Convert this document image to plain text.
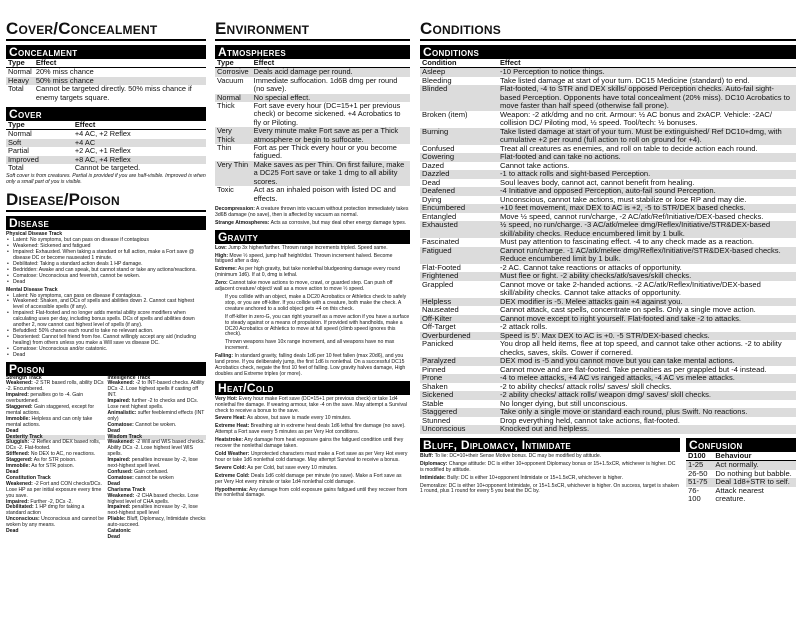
Cover/Concealment
Concealment
Type	Effect
Normal	20% miss chance
Heavy	50% miss chance
Total	Cannot be targeted directly. 50% miss chance if enemy targets square.
Cover
Type	Effect
Normal	+4 AC, +2 Reflex
Soft	+4 AC
Partial	+2 AC, +1 Reflex
Improved	+8 AC, +4 Reflex
Total	Cannot be targeted.
Soft cover is from creatures. Partial is provided if you are half-visible. Improved is when only a small part of you is visible.
Disease/Poison
Disease
Physical Disease Track
• Latent: No symptoms, but can pass on disease if contagious
• Weakened: Sickened and fatigued
• Impaired: Exhausted. When taking a standard or full action, make a Fort save @ disease DC or become nauseated 1 minute.
• Debilitated: Taking a standard action deals 1 HP damage.
• Bedridden: Awake and can speak, but cannot stand or take any actions/reactions.
• Comatose: Unconscious and feverish, cannot be woken.
• Dead
Mental Disease Track
• Latent: No symptoms, can pass on disease if contagious.
• Weakened: Shaken, and DCs of spells and abilities down 2. Cannot cast highest level of accessible spells (if any).
• Impaired: Flat-footed and no longer adds mental ability score modifiers when calculating uses per day, including bonus spells. DCs of spells and abilities down another 2, now cannot cast highest level of spells (if any).
• Befuddled: 50% chance each round to take no relevant action.
• Disoriented: Cannot tell friend from foe. Cannot willingly accept any aid (including healing) from others unless you make a Will save vs disease DC.
• Comatose: Unconscious and/or catatonic.
• Dead
Poison
Strength Track
Weakened: -2 STR based rolls, ability DCs -2. Encumbered.
Impaired: penalties go to -4. Gain overburdened.
Staggered: Gain staggered, except for mental actions.
Immobile: Helpless and can only take mental actions.
Dead
Dexterity Track
Sluggish: -2 Reflex and DEX based rolls, DCs -2. Flat-footed.
Stiffened: No DEX to AC, no reactions.
Staggered: As for STR poison.
Immobile: As for STR poison.
Dead
Constitution Track
Weakened: -2 Fort and CON checks/DCs. Lose HP as per initial exposure every time you save.
Impaired: Further -2, DCs -2.
Debilitated: 1 HP dmg for taking a standard action
Unconscious: Unconscious and cannot be woken by any means.
Dead
Intelligence Track
Weakened: -2 to INT-based checks. Ability DCs -2. Lose highest spells if casting off INT.
Impaired: further -2 to checks and DCs. Lose next highest spells.
Animalistic: suffer feeblemind effects (INT only)
Comatose: Cannot be woken.
Dead
Wisdom Track
Weakened: -2 Will and WIS based checks. Ability DCs -2. Lose highest level WIS spells.
Impaired: penalties increase by -2, lose next-highest spell level.
Confused: Gain confused.
Comatose: cannot be woken
Dead
Charisma Track
Weakened: -2 CHA based checks. Lose highest level of CHA spells.
Impaired: penalties increase by -2, lose next-highest spell level
Pliable: Bluff, Diplomacy, Intimidate checks auto-succeed.
Catatonic
Dead
Environment
Atmospheres
Type	Effect
Corrosive	Deals acid damage per round.
Vacuum	Immediate suffocation. 1d6B dmg per round (no save).
Normal	No special effect.
Thick	Fort save every hour (DC=15+1 per previous check) or become sickened. +4 Acrobatics to fly or Piloting.
Very Thick	Every minute make Fort save as per a Thick atmosphere or begin to suffocate.
Thin	Fort as per Thick every hour or you become fatigued.
Very Thin	Make saves as per Thin. On first failure, make a DC25 Fort save or take 1 dmg to all ability scores.
Toxic	Act as an inhaled poison with listed DC and effects.

Decompression: A creature thrown into vacuum without protection immediately takes 3d6B damage (no save), then is affected by vacuum as normal.

Strange Atmospheres: Acts as corrosive, but may deal other energy damage types.

Gravity

Low: Jump 3x higher/farther. Thrown range increments tripled. Speed same.

High: Move ½ speed, jump half height/dist. Thrown increment halved. Become fatigued after a day.

Extreme: As per high gravity, but take nonlethal bludgeoning damage every round (minimum 1d6). If at 0, dmg is lethal.

Zero: Cannot take move actions to move, crawl, or guarded step. Can push off adjacent creature/ object/ wall as a move action to move ½ speed.

If you collide with an object, make a DC20 Acrobatics or Athletics check to safely stop, or you are off-kilter. If you collide with a creature, both make the check. A creature anchored to a solid object gets +4 on this check.

If off-kilter in zero-G, you can right yourself as a move action if you have a surface to steady against or a means of propulsion. If provided with handholds, make a DC20 Acrobatics or Athletics to move at full speed (climb speed ignores this check).

Thrown weapons have 10x range increment, and all weapons have no max increment.

Falling: In standard gravity, falling deals 1d6 per 10 feet fallen (max 20d6), and you land prone. If you deliberately jump, the first 1d6 is nonlethal. On a successful DC15 Acrobatics check, negate the first 10 feet of falling. Low gravity halves damage, High doubles and Extreme triples (or more).

Heat/Cold

Very Hot: Every hour make Fort save (DC=15+1 per previous check) or take 1d4 nonlethal fire damage. If wearing armour, take -4 on the save. May attempt a Survival check to receive a bonus to the save.

Severe Heat: As above, but save is made every 10 minutes.

Extreme Heat: Breathing air in extreme heat deals 1d6 lethal fire damage (no save). Attempt a Fort save every 5 minutes as per Very Hot conditions.

Heatstroke: Any damage from heat exposure gains the fatigued condition until they recover the nonlethal damage taken.

Cold Weather: Unprotected characters must make a Fort save as per Very Hot every hour or take 1d6 nonlethal cold damage. May attempt Survival to receive a bonus.

Severe Cold: As per Cold, but save every 10 minutes.

Extreme Cold: Deals 1d6 cold damage per minute (no save). Make a Fort save as per Very Hot every minute or take 1d4 nonlethal cold damage.

Hypothermia: Any damage from cold exposure gains fatigued until they recover from the nonlethal damage.

Conditions
Conditions
Condition	Effect
Asleep	-10 Perception to notice things.
Bleeding	Take listed damage at start of your turn. DC15 Medicine (standard) to end.
Blinded	Flat-footed, -4 to STR and DEX skills/ opposed Perception checks. Auto-fail sight-based Perception. Opponents have total concealment (20% miss). DC10 Acrobatics to move faster than half speed (otherwise fall prone).
Broken (item)	Weapon: -2 atk/dmg and no crit. Armour: ½ AC bonus and 2xACP. Vehicle: -2AC/ collision DC/ Piloting mod, ½ speed. Tool/tech: ½ bonuses.
Burning	Take listed damage at start of your turn. Must be extinguished/ Ref DC10+dmg, with cumulative +2 per round (full action to roll on ground for +4).
Confused	Treat all creatures as enemies, and roll on table to decide action each round.
Cowering	Flat-footed and can take no actions.
Dazed	Cannot take actions.
Dazzled	-1 to attack rolls and sight-based Perception.
Dead	Soul leaves body, cannot act, cannot benefit from healing.
Deafened	-4 Initiative and opposed Perception, auto-fail sound Perception.
Dying	Unconscious, cannot take actions, must stabilize or lose RP and may die.
Encumbered	+10 feet movement, max DEX to AC is +2, -5 to STR/DEX based checks.
Entangled	Move ½ speed, cannot run/charge, -2 AC/atk/Ref/Initiative/DEX-based checks.
Exhausted	½ speed, no run/charge. -3 AC/atk/melee dmg/Reflex/Initiative/STR&DEX-based skill/ability checks. Reduce encumbered limit by 1 bulk.
Fascinated	Must pay attention to fascinating effect. -4 to any check made as a reaction.
Fatigued	Cannot run/charge. -1 AC/atk/melee dmg/Reflex/Initiative/STR&DEX-based checks. Reduce encumbered limit by 1 bulk.
Flat-Footed	-2 AC. Cannot take reactions or attacks of opportunity.
Frightened	Must flee or fight. -2 ability checks/atk/saves/skill checks.
Grappled	Cannot move or take 2-handed actions. -2 AC/atk/Reflex/Initiative/DEX-based skill/ability checks. Cannot take attacks of opportunity.
Helpless	DEX modifier is -5. Melee attacks gain +4 against you.
Nauseated	Cannot attack, cast spells, concentrate on spells. Only a single move action.
Off-Kilter	Cannot move except to right yourself. Flat-footed and take -2 to attacks.
Off-Target	-2 attack rolls.
Overburdened	Speed is 5'. Max DEX to AC is +0. -5 STR/DEX-based checks.
Panicked	You drop all held items, flee at top speed, and cannot take other actions. -2 to ability checks, saves, skils. Cower if cornered.
Paralyzed	DEX mod is -5 and you cannot move but you can take mental actions.
Pinned	Cannot move and are flat-footed. Take penalties as per grappled but -4 instead.
Prone	-4 to melee attacks, +4 AC vs ranged attacks, -4 AC vs melee attacks.
Shaken	-2 to ability checks/ attack rolls/ saves/ skill checks.
Sickened	-2 ability checks/ attack rolls/ weapon dmg/ saves/ skill checks.
Stable	No longer dying, but still unconscious.
Staggered	Take only a single move or standard each round, plus Swift. No reactions.
Stunned	Drop everything held, cannot take actions, flat-footed.
Unconscious	Knocked out and helpless.
Bluff, Diplomacy, Intimidate

Bluff: To lie: DC=10+their Sense Motive bonus. DC may be modified by attitude.

Diplomacy: Change attitude: DC is either 10+opponent Diplomacy bonus or 15+1.5xCR, whichever is higher. DC is modified by attitude.

Intimidate: Bully: DC is either 10+opponent Intimidate or 15+1.5xCR, whichever is higher.

Demoralize: DC is either 10+opponent Intimidate, or 15+1.5xCR, whichever is higher. On success, target is shaken 1 round, plus 1 round for every 5 you beat the DC by.

Confusion
D100	Behaviour
1-25	Act normally.
26-50	Do nothing but babble.
51-75	Deal 1d8+STR to self.
76-100	Attack nearest creature.
